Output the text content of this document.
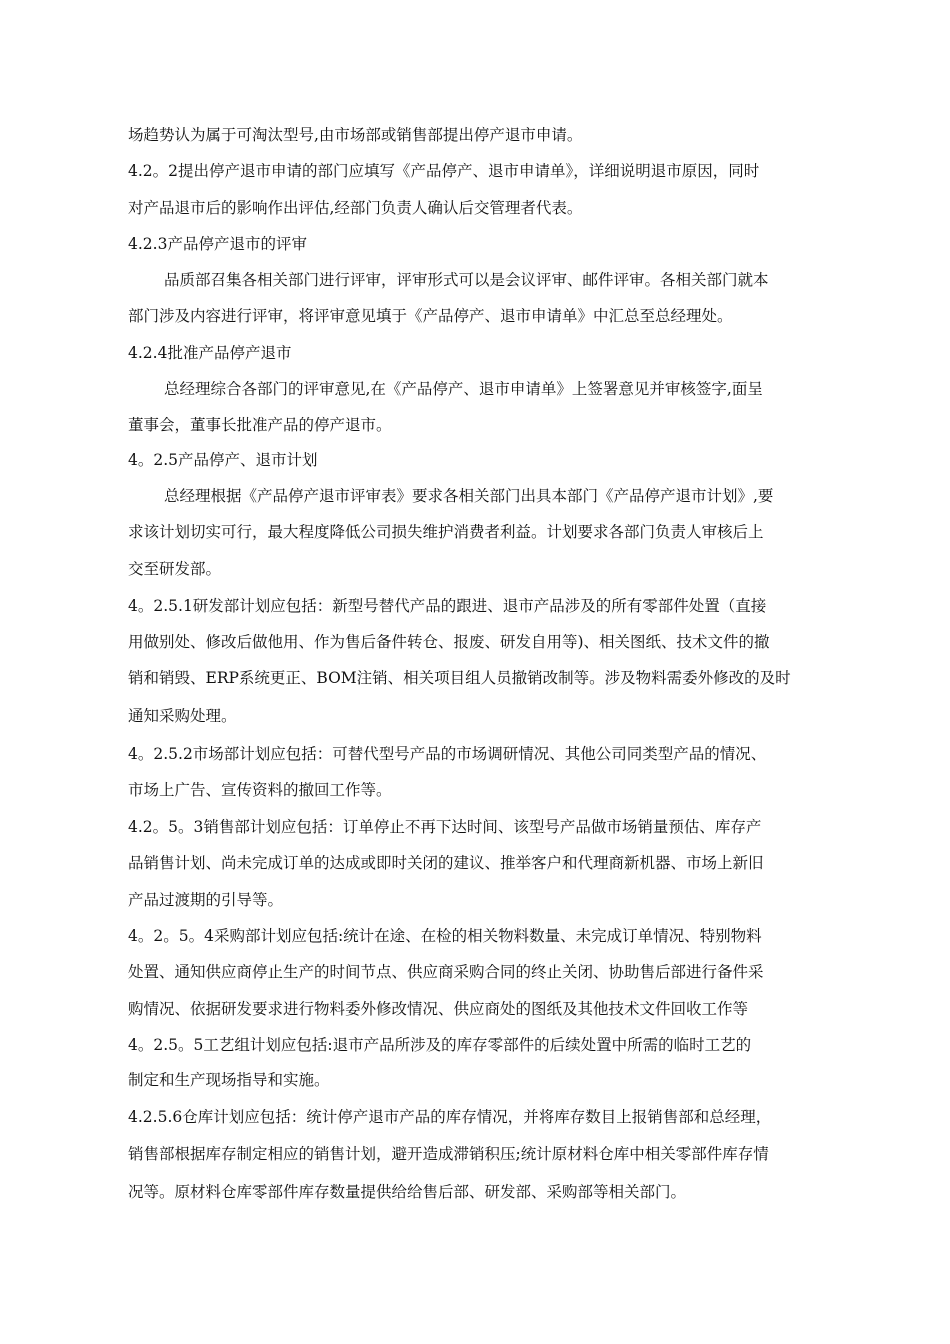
场趋势认为属于可淘汰型号,由市场部或销售部提出停产退市申请。
4.2。2提出停产退市申请的部门应填写《产品停产、退市申请单》，详细说明退市原因，同时
对产品退市后的影响作出评估,经部门负责人确认后交管理者代表。
4.2.3产品停产退市的评审
品质部召集各相关部门进行评审，评审形式可以是会议评审、邮件评审。各相关部门就本
部门涉及内容进行评审，将评审意见填于《产品停产、退市申请单》中汇总至总经理处。
4.2.4批准产品停产退市
总经理综合各部门的评审意见,在《产品停产、退市申请单》上签署意见并审核签字,面呈
董事会，董事长批准产品的停产退市。
4。2.5产品停产、退市计划
总经理根据《产品停产退市评审表》要求各相关部门出具本部门《产品停产退市计划》,要
求该计划切实可行，最大程度降低公司损失维护消费者利益。计划要求各部门负责人审核后上
交至研发部。
4。2.5.1研发部计划应包括：新型号替代产品的跟进、退市产品涉及的所有零部件处置（直接
用做别处、修改后做他用、作为售后备件转仓、报废、研发自用等)、相关图纸、技术文件的撤
销和销毁、ERP系统更正、BOM注销、相关项目组人员撤销改制等。涉及物料需委外修改的及时
通知采购处理。
4。2.5.2市场部计划应包括：可替代型号产品的市场调研情况、其他公司同类型产品的情况、
市场上广告、宣传资料的撤回工作等。
4.2。5。3销售部计划应包括：订单停止不再下达时间、该型号产品做市场销量预估、库存产
品销售计划、尚未完成订单的达成或即时关闭的建议、推举客户和代理商新机器、市场上新旧
产品过渡期的引导等。
4。2。5。4采购部计划应包括:统计在途、在检的相关物料数量、未完成订单情况、特别物料
处置、通知供应商停止生产的时间节点、供应商采购合同的终止关闭、协助售后部进行备件采
购情况、依据研发要求进行物料委外修改情况、供应商处的图纸及其他技术文件回收工作等
4。2.5。5工艺组计划应包括:退市产品所涉及的库存零部件的后续处置中所需的临时工艺的
制定和生产现场指导和实施。
4.2.5.6仓库计划应包括：统计停产退市产品的库存情况，并将库存数目上报销售部和总经理，
销售部根据库存制定相应的销售计划，避开造成滞销积压;统计原材料仓库中相关零部件库存情
况等。原材料仓库零部件库存数量提供给给售后部、研发部、采购部等相关部门。
